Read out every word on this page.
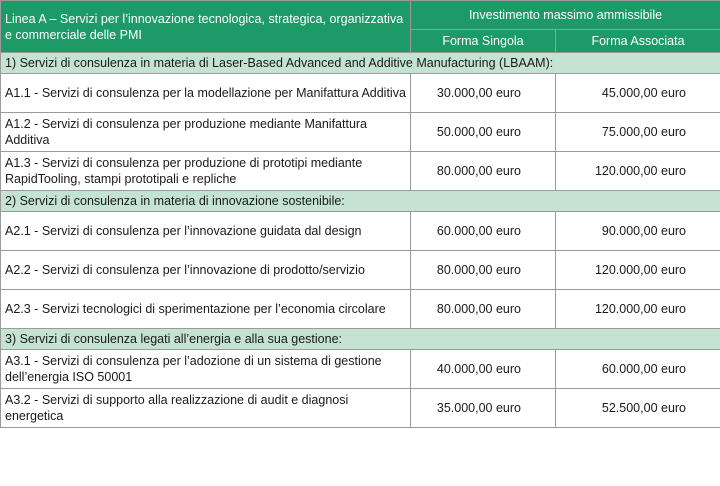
Linea A – Servizi per l’innovazione tecnologica, strategica, organizzativa e commerciale delle PMI	Investimento massimo ammissibile	
	Forma Singola	Forma Associata
1) Servizi di consulenza in materia di Laser-Based Advanced and Additive Manufacturing (LBAAM):		
A1.1 - Servizi di consulenza per la modellazione per Manifattura Additiva	30.000,00 euro	45.000,00 euro
A1.2 - Servizi di consulenza per produzione mediante Manifattura Additiva	50.000,00 euro	75.000,00 euro
A1.3 - Servizi di consulenza per produzione di prototipi mediante RapidTooling, stampi prototipali e repliche	80.000,00 euro	120.000,00 euro
2) Servizi di consulenza in materia di innovazione sostenibile:		
A2.1 - Servizi di consulenza per l’innovazione guidata dal design	60.000,00 euro	90.000,00 euro
A2.2 - Servizi di consulenza per l’innovazione di prodotto/servizio	80.000,00 euro	120.000,00 euro
A2.3 - Servizi tecnologici di sperimentazione per l’economia circolare	80.000,00 euro	120.000,00 euro
3) Servizi di consulenza legati all’energia e alla sua gestione:		
A3.1 - Servizi di consulenza per l’adozione di un sistema di gestione dell’energia ISO 50001	40.000,00 euro	60.000,00 euro
A3.2 - Servizi di supporto alla realizzazione di audit e diagnosi energetica	35.000,00 euro	52.500,00 euro
